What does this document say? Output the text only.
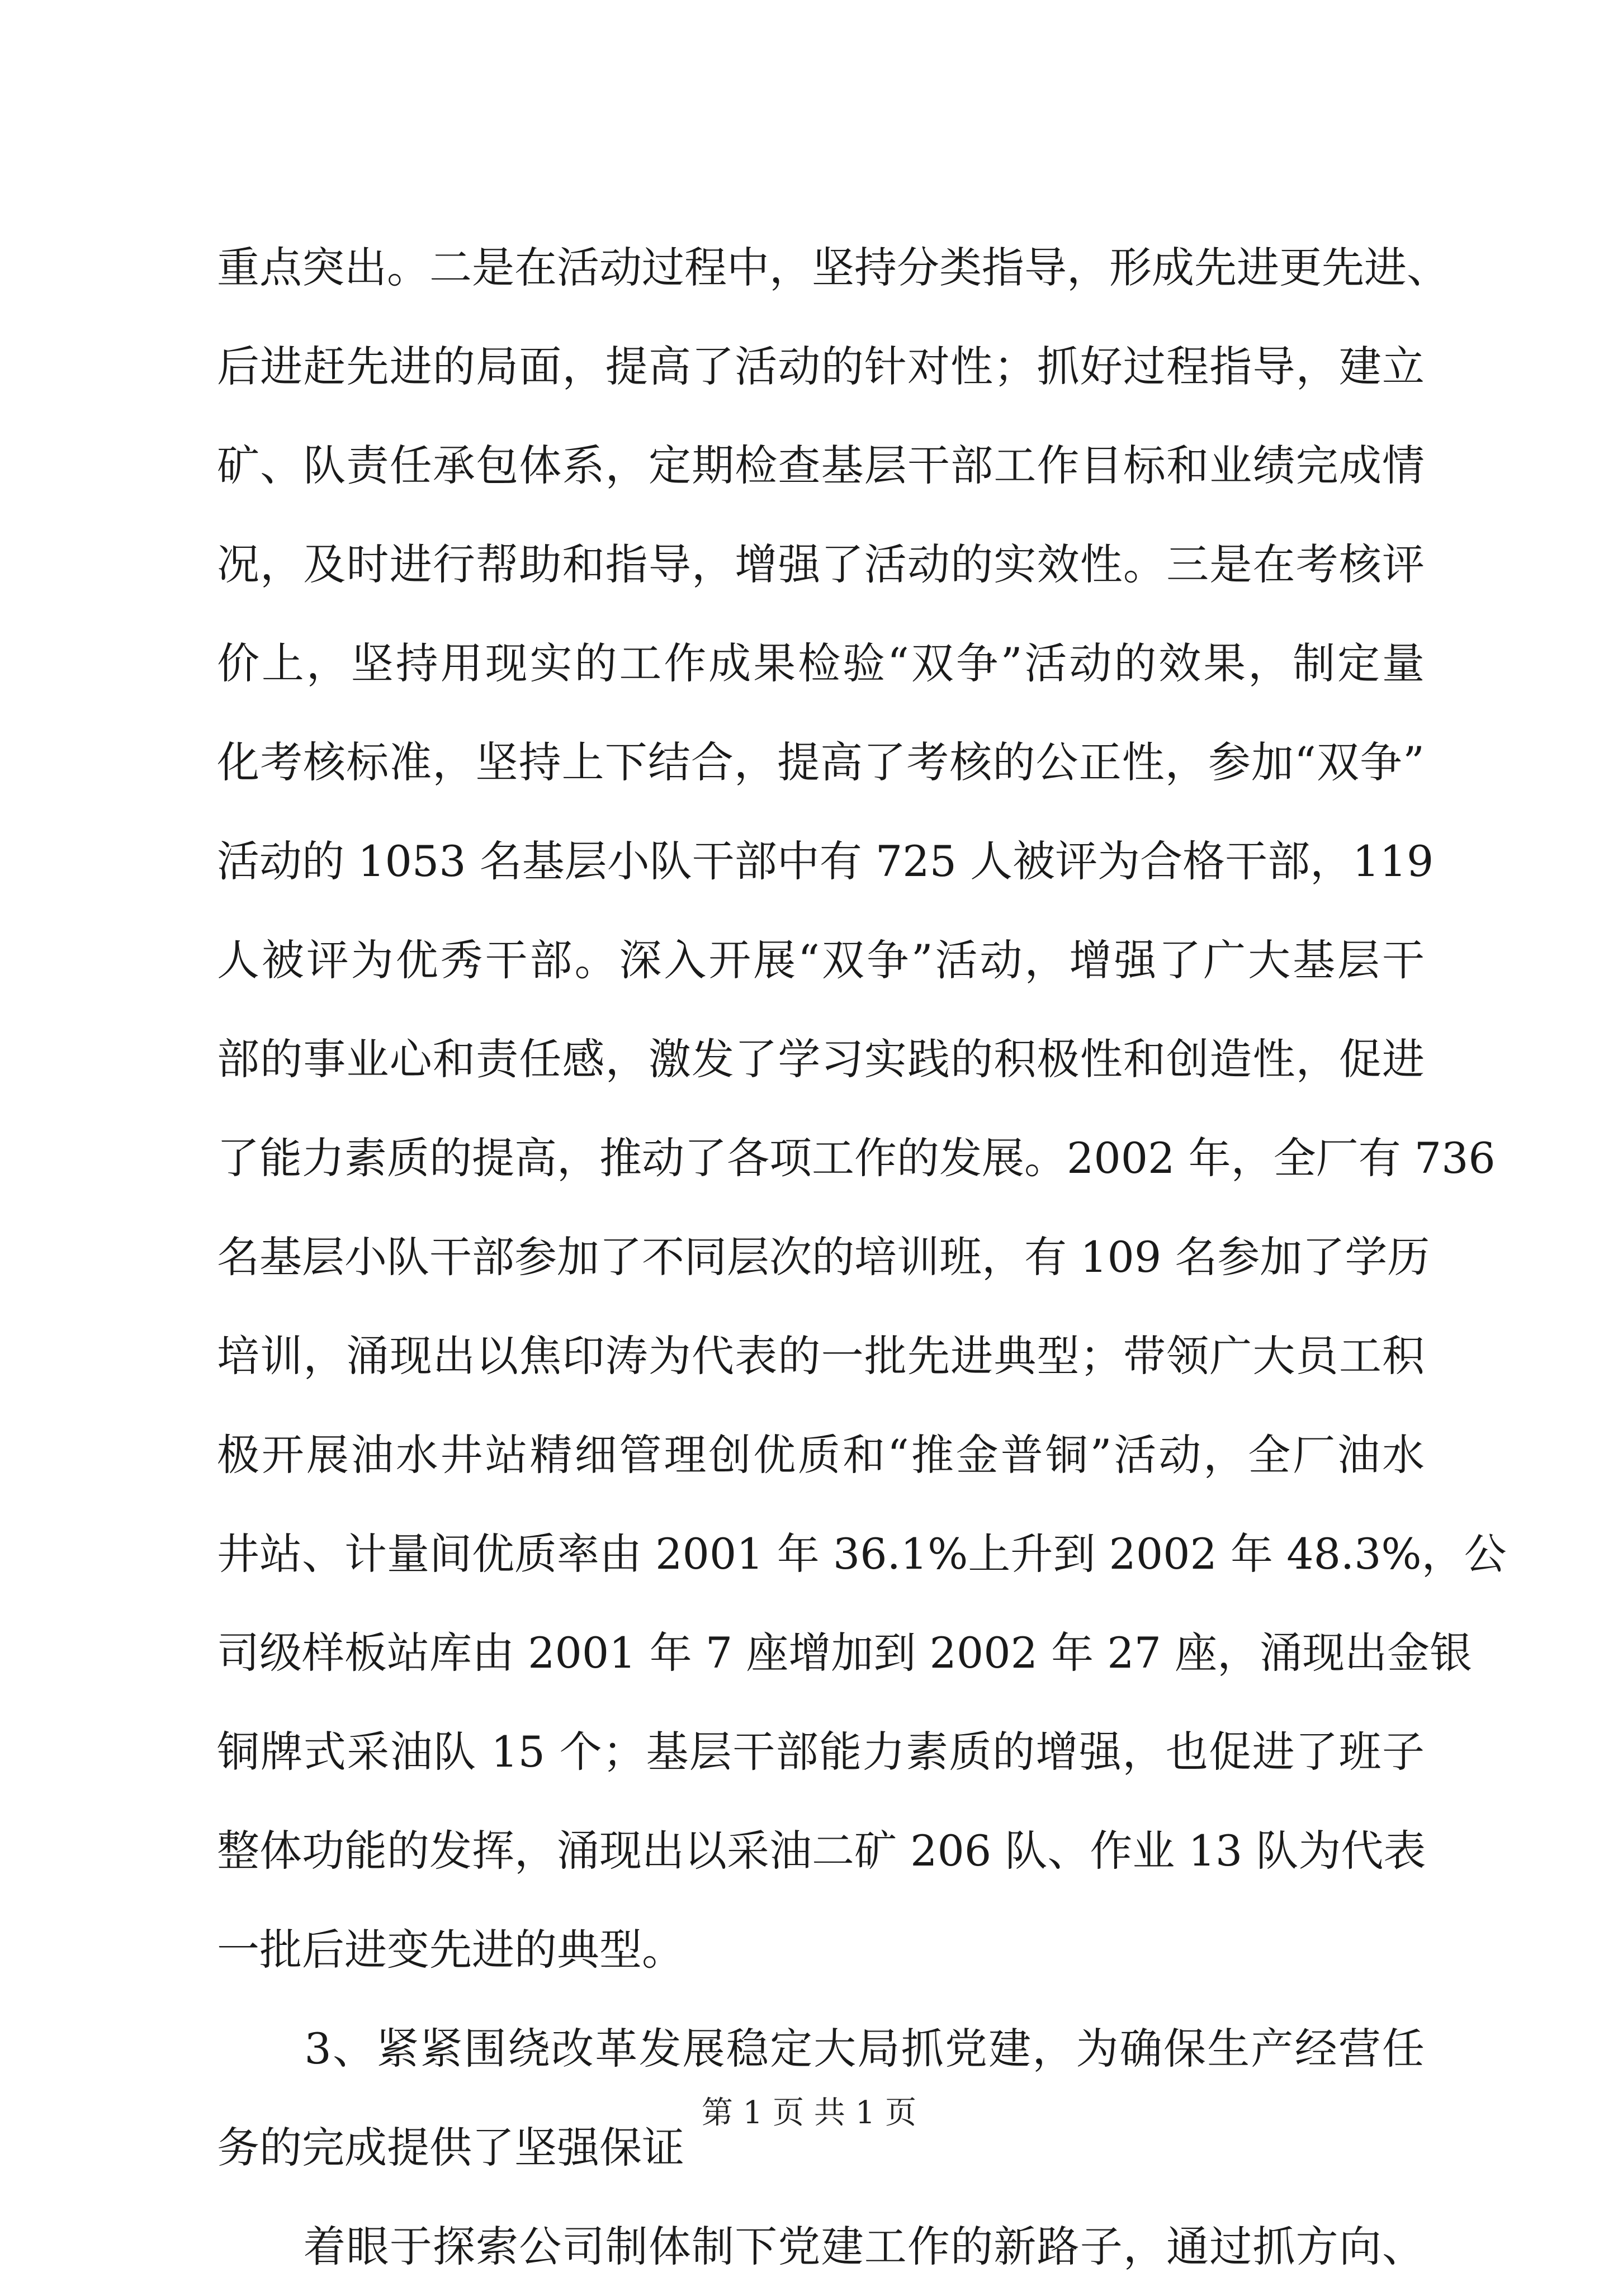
重点突出。二是在活动过程中，坚持分类指导，形成先进更先进、
后进赶先进的局面，提高了活动的针对性；抓好过程指导，建立
矿、队责任承包体系，定期检查基层干部工作目标和业绩完成情
况，及时进行帮助和指导，增强了活动的实效性。三是在考核评
价上，坚持用现实的工作成果检验“双争”活动的效果，制定量
化考核标准，坚持上下结合，提高了考核的公正性，参加“双争”
活动的 1053 名基层小队干部中有 725 人被评为合格干部，119
人被评为优秀干部。深入开展“双争”活动，增强了广大基层干
部的事业心和责任感，激发了学习实践的积极性和创造性，促进
了能力素质的提高，推动了各项工作的发展。2002 年，全厂有 736
名基层小队干部参加了不同层次的培训班，有 109 名参加了学历
培训，涌现出以焦印涛为代表的一批先进典型；带领广大员工积
极开展油水井站精细管理创优质和“推金普铜”活动，全厂油水
井站、计量间优质率由 2001 年 36.1%上升到 2002 年 48.3%，公
司级样板站库由 2001 年 7 座增加到 2002 年 27 座，涌现出金银
铜牌式采油队 15 个；基层干部能力素质的增强，也促进了班子
整体功能的发挥，涌现出以采油二矿 206 队、作业 13 队为代表
一批后进变先进的典型。
　　3、紧紧围绕改革发展稳定大局抓党建，为确保生产经营任
务的完成提供了坚强保证
　　着眼于探索公司制体制下党建工作的新路子，通过抓方向、
第 1 页 共 1 页
